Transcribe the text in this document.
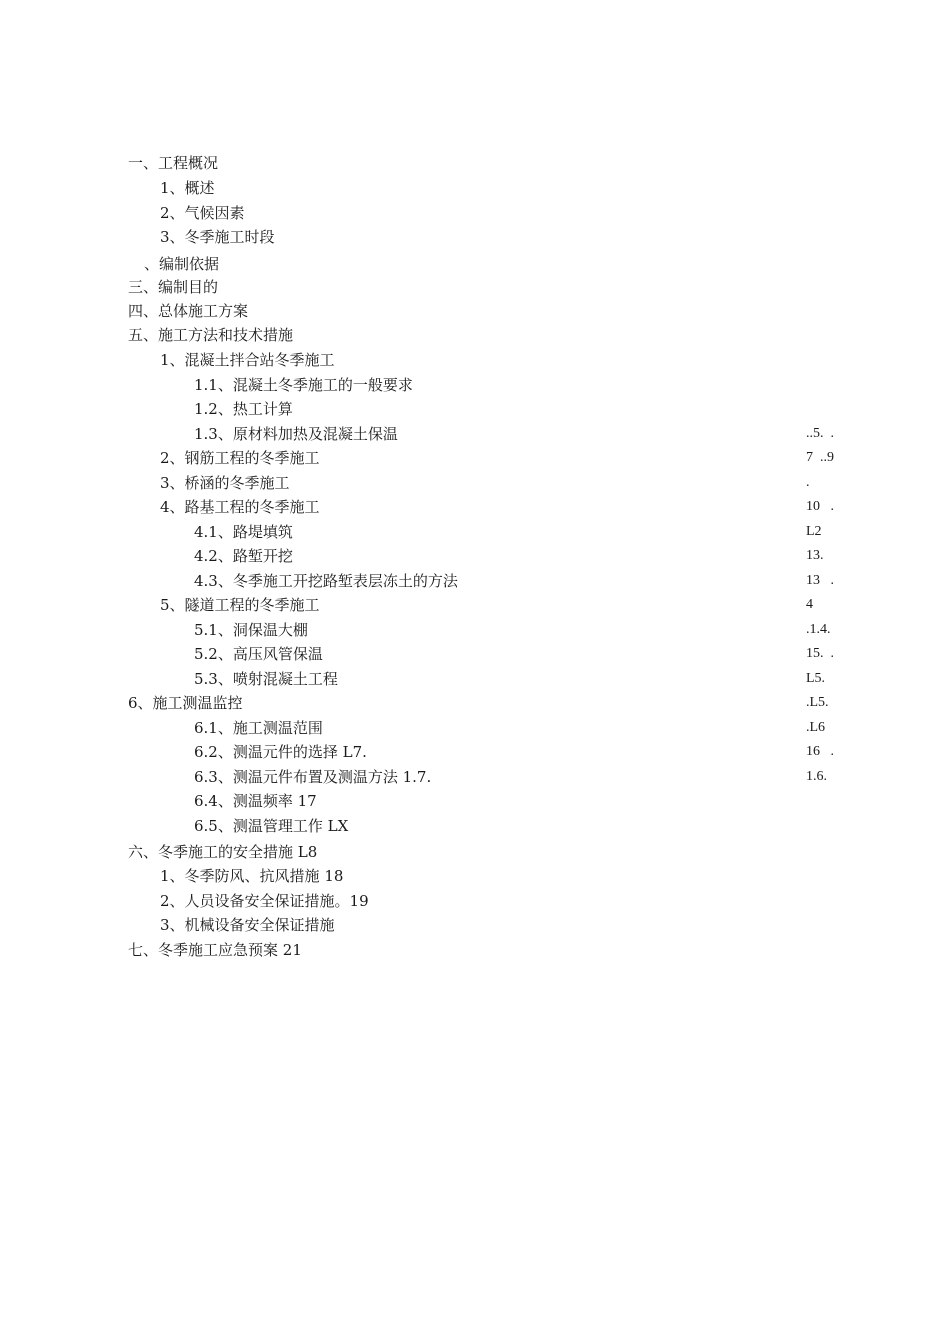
一、工程概况
1、概述
2、气候因素
3、冬季施工时段
、编制依据
三、编制目的
四、总体施工方案
五、施工方法和技术措施
1、混凝土拌合站冬季施工
1.1、混凝土冬季施工的一般要求
1.2、热工计算
1.3、原材料加热及混凝土保温
2、钢筋工程的冬季施工
3、桥涵的冬季施工
4、路基工程的冬季施工
4.1、路堤填筑
4.2、路堑开挖
4.3、冬季施工开挖路堑表层冻土的方法
5、隧道工程的冬季施工
5.1、洞保温大棚
5.2、高压风管保温
5.3、喷射混凝土工程
6、施工测温监控
6.1、施工测温范围
6.2、测温元件的选择 L7.
6.3、测温元件布置及测温方法 1.7.
6.4、测温频率 17
6.5、测温管理工作 LX
六、冬季施工的安全措施 L8
1、冬季防风、抗风措施 18
2、人员设备安全保证措施。19
3、机械设备安全保证措施
七、冬季施工应急预案 21
..5.  .
7  ..9
.
10   .
L2
13.
13   .
4
.1.4.
15.  .
L5.
.L5.
.L6
16   .
1.6.
